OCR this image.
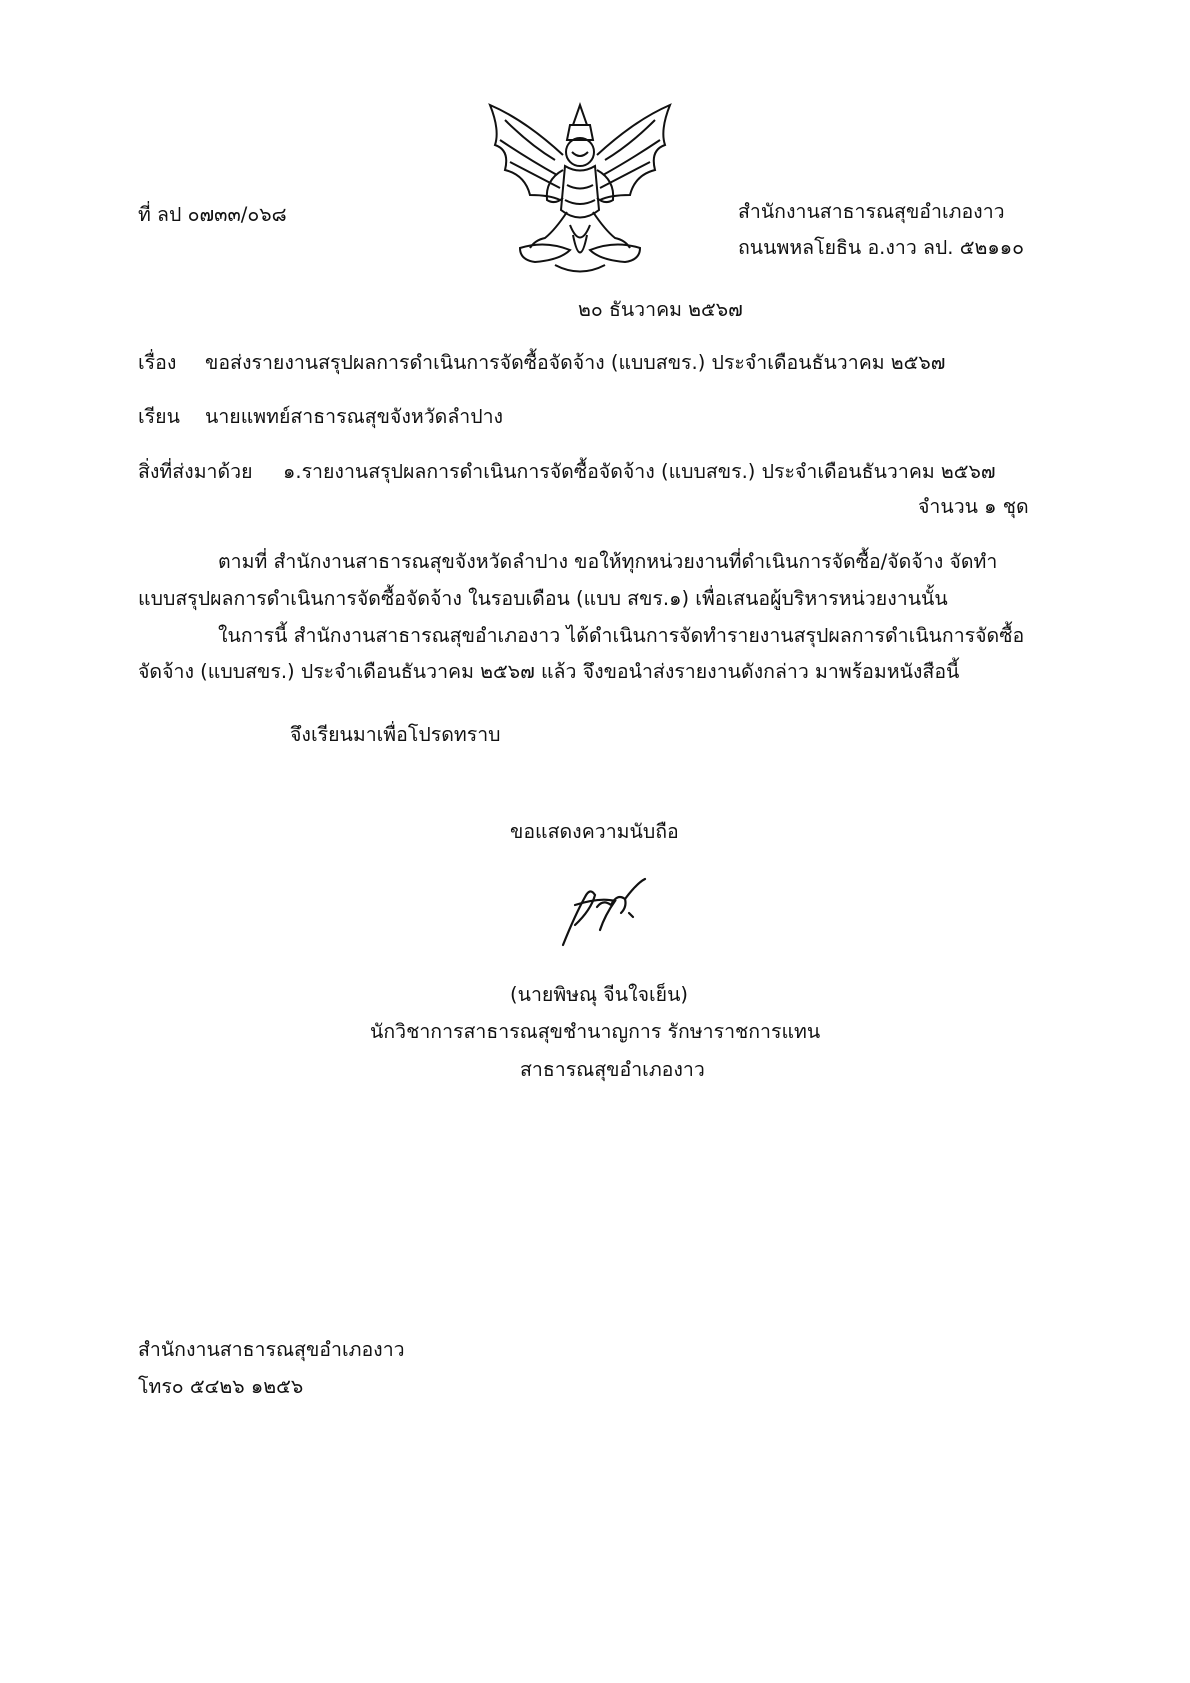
ที่ ลป ๐๗๓๓/๐๖๘	สำนักงานสาธารณสุขอำเภองาว
ถนนพหลโยธิน อ.งาว ลป. ๕๒๑๑๐
๒๐ ธันวาคม ๒๕๖๗
เรื่อง ขอส่งรายงานสรุปผลการดำเนินการจัดซื้อจัดจ้าง (แบบสขร.) ประจำเดือนธันวาคม ๒๕๖๗
เรียน นายแพทย์สาธารณสุขจังหวัดลำปาง
สิ่งที่ส่งมาด้วย ๑.รายงานสรุปผลการดำเนินการจัดซื้อจัดจ้าง (แบบสขร.) ประจำเดือนธันวาคม ๒๕๖๗
จำนวน ๑ ชุด
ตามที่ สำนักงานสาธารณสุขจังหวัดลำปาง ขอให้ทุกหน่วยงานที่ดำเนินการจัดซื้อ/จัดจ้าง จัดทำ
แบบสรุปผลการดำเนินการจัดซื้อจัดจ้าง ในรอบเดือน (แบบ สขร.๑) เพื่อเสนอผู้บริหารหน่วยงานนั้น
ในการนี้ สำนักงานสาธารณสุขอำเภองาว ได้ดำเนินการจัดทำรายงานสรุปผลการดำเนินการจัดซื้อ
จัดจ้าง (แบบสขร.) ประจำเดือนธันวาคม ๒๕๖๗ แล้ว จึงขอนำส่งรายงานดังกล่าว มาพร้อมหนังสือนี้
จึงเรียนมาเพื่อโปรดทราบ
ขอแสดงความนับถือ
(นายพิษณุ จีนใจเย็น)
นักวิชาการสาธารณสุขชำนาญการ รักษาราชการแทน
สาธารณสุขอำเภองาว
สำนักงานสาธารณสุขอำเภองาว
โทร๐ ๕๔๒๖ ๑๒๕๖
